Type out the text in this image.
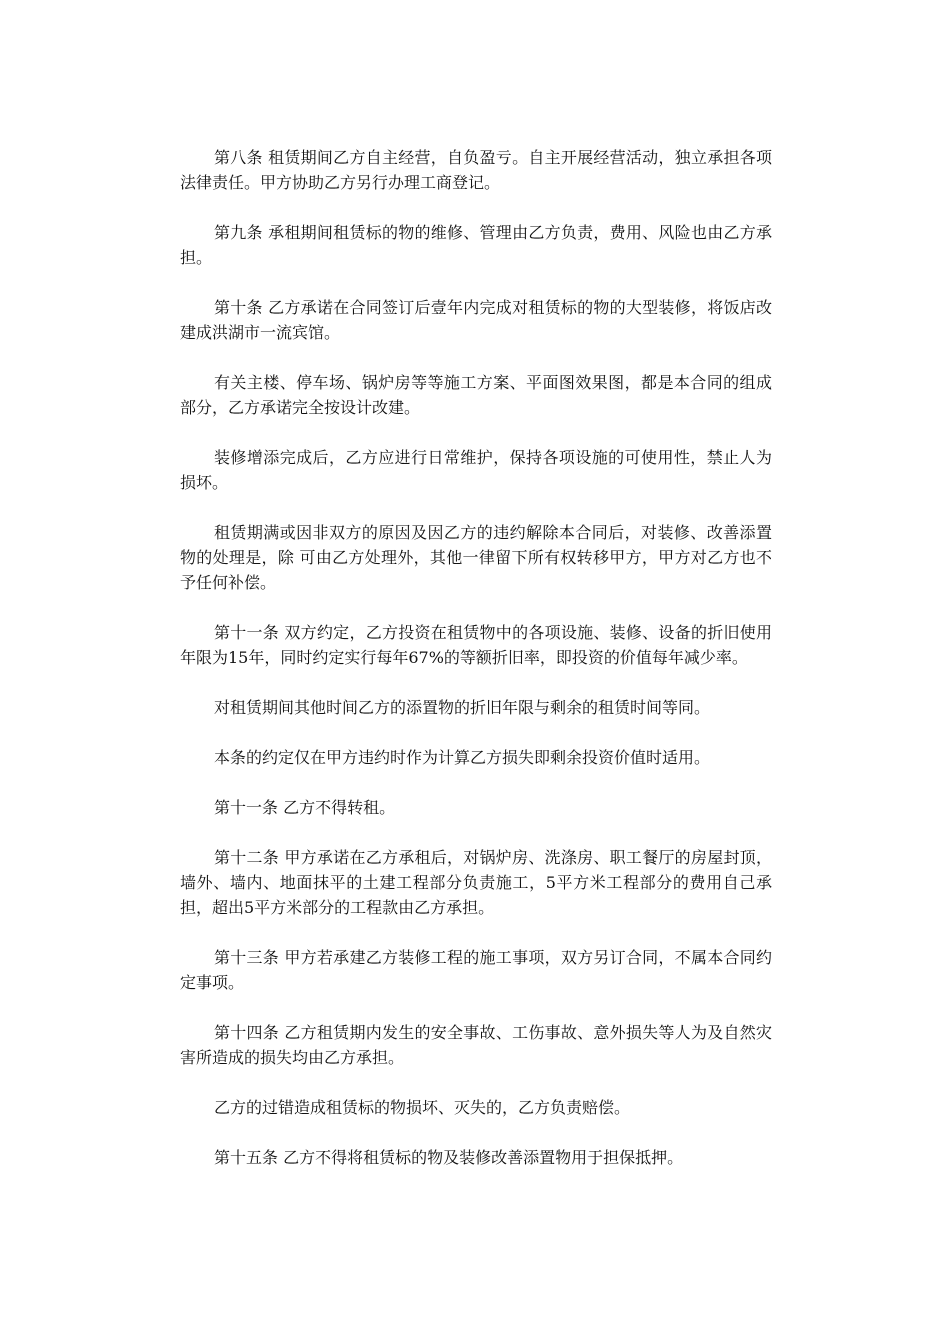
第八条 租赁期间乙方自主经营，自负盈亏。自主开展经营活动，独立承担各项法律责任。甲方协助乙方另行办理工商登记。

第九条 承租期间租赁标的物的维修、管理由乙方负责，费用、风险也由乙方承担。

第十条 乙方承诺在合同签订后壹年内完成对租赁标的物的大型装修，将饭店改建成洪湖市一流宾馆。

有关主楼、停车场、锅炉房等等施工方案、平面图效果图，都是本合同的组成部分，乙方承诺完全按设计改建。

装修增添完成后，乙方应进行日常维护，保持各项设施的可使用性，禁止人为损坏。

租赁期满或因非双方的原因及因乙方的违约解除本合同后，对装修、改善添置物的处理是，除 可由乙方处理外，其他一律留下所有权转移甲方，甲方对乙方也不予任何补偿。

第十一条 双方约定，乙方投资在租赁物中的各项设施、装修、设备的折旧使用年限为15年，同时约定实行每年67%的等额折旧率，即投资的价值每年减少率。

对租赁期间其他时间乙方的添置物的折旧年限与剩余的租赁时间等同。

本条的约定仅在甲方违约时作为计算乙方损失即剩余投资价值时适用。

第十一条 乙方不得转租。

第十二条 甲方承诺在乙方承租后，对锅炉房、洗涤房、职工餐厅的房屋封顶，墙外、墙内、地面抹平的土建工程部分负责施工，5平方米工程部分的费用自己承担，超出5平方米部分的工程款由乙方承担。

第十三条 甲方若承建乙方装修工程的施工事项，双方另订合同，不属本合同约定事项。

第十四条 乙方租赁期内发生的安全事故、工伤事故、意外损失等人为及自然灾害所造成的损失均由乙方承担。

乙方的过错造成租赁标的物损坏、灭失的，乙方负责赔偿。

第十五条 乙方不得将租赁标的物及装修改善添置物用于担保抵押。
